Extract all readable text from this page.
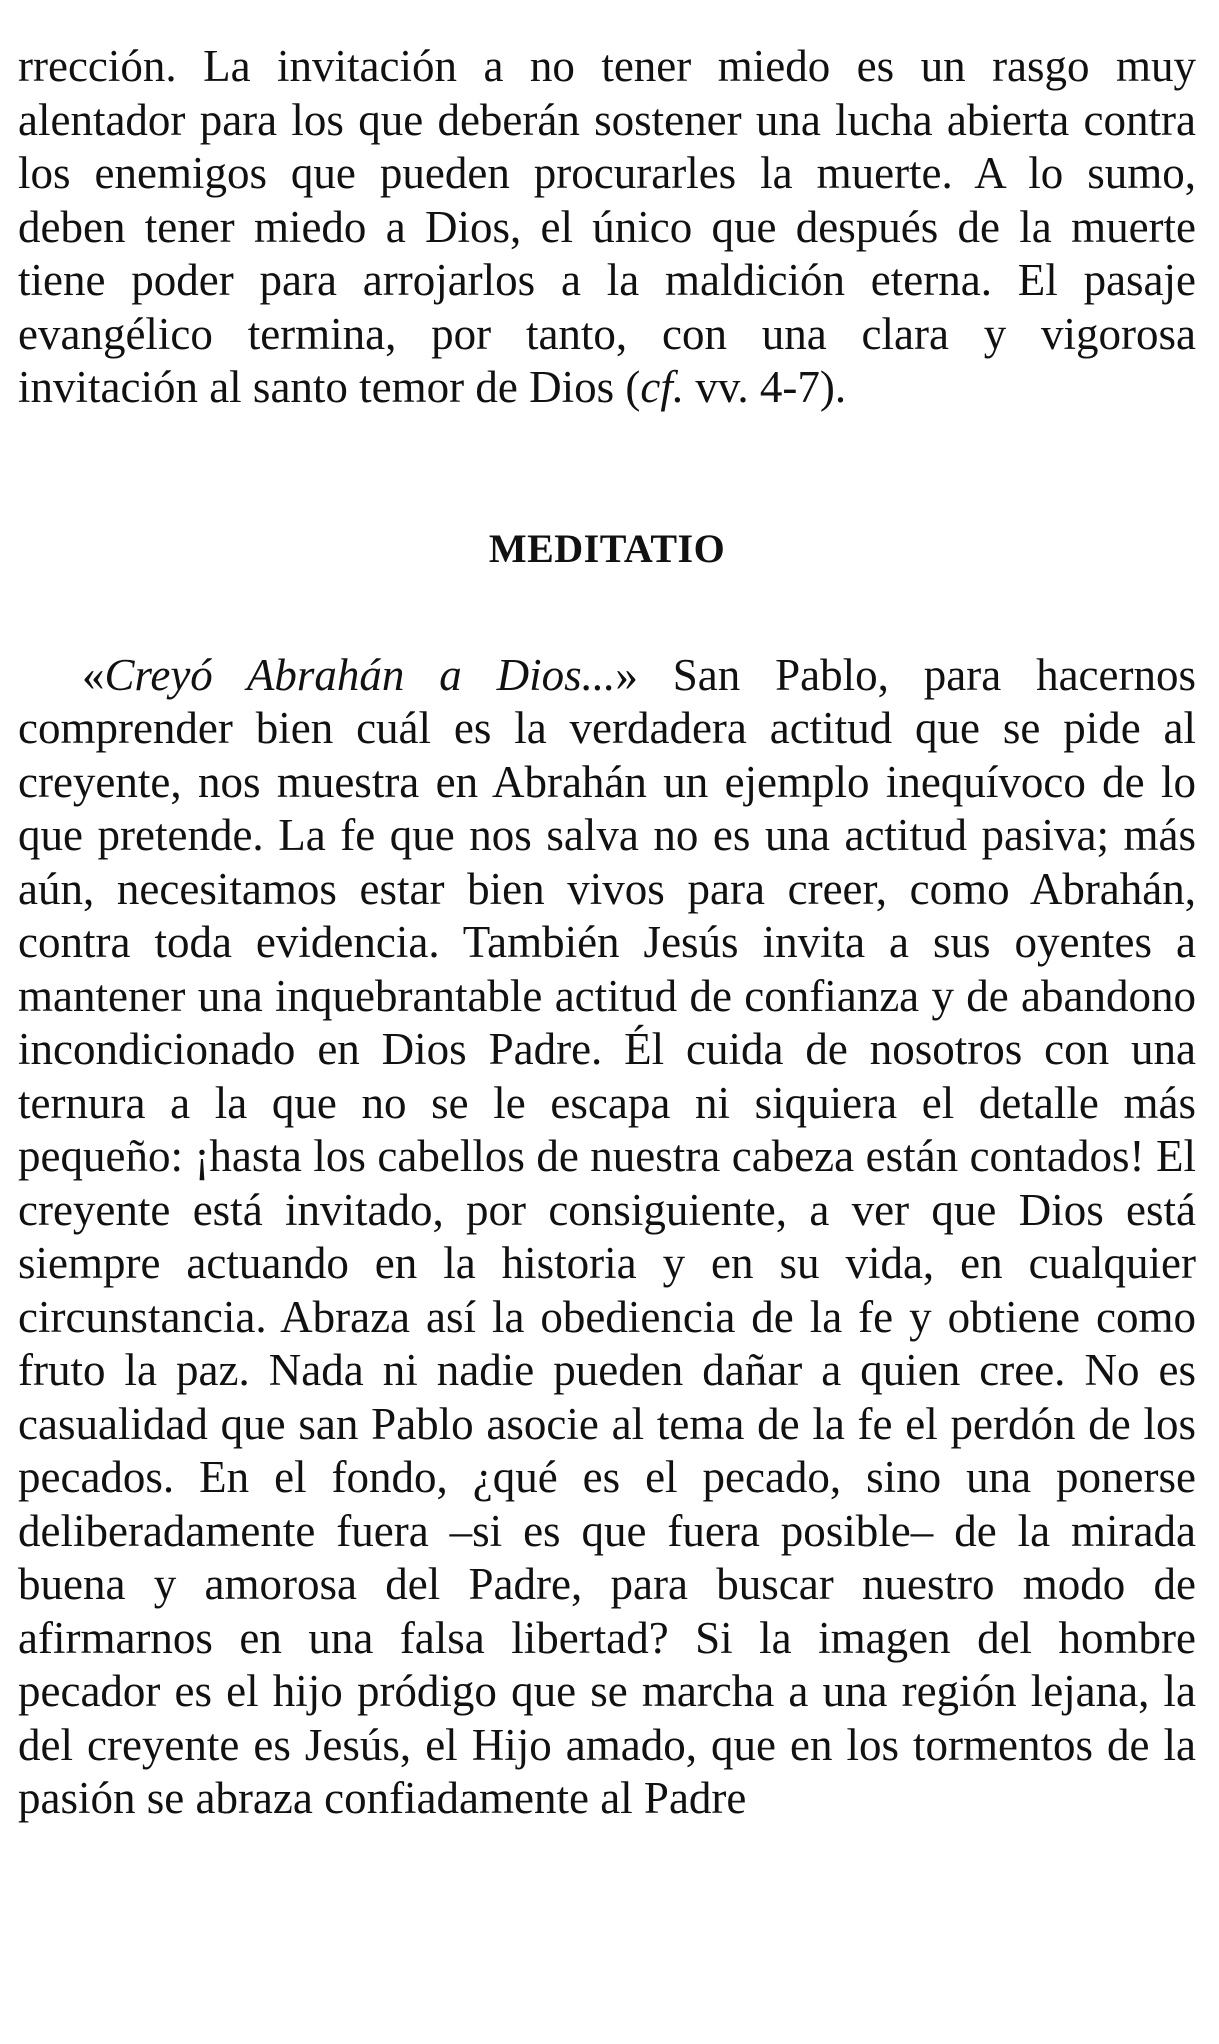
rrección. La invitación a no tener miedo es un rasgo muy alentador para los que deberán sostener una lucha abierta contra los enemigos que pueden procurarles la muerte. A lo sumo, deben tener miedo a Dios, el único que después de la muerte tiene poder para arrojarlos a la maldición eterna. El pasaje evangélico termina, por tanto, con una clara y vigorosa invitación al santo temor de Dios (cf. vv. 4-7).

MEDITATIO

«Creyó Abrahán a Dios...» San Pablo, para hacernos comprender bien cuál es la verdadera actitud que se pide al creyente, nos muestra en Abrahán un ejemplo inequívoco de lo que pretende. La fe que nos salva no es una actitud pasiva; más aún, necesitamos estar bien vivos para creer, como Abrahán, contra toda evidencia. También Jesús invita a sus oyentes a mantener una inquebrantable actitud de confianza y de abandono incondicionado en Dios Padre. Él cuida de nosotros con una ternura a la que no se le escapa ni siquiera el detalle más pequeño: ¡hasta los cabellos de nuestra cabeza están contados! El creyente está invitado, por consiguiente, a ver que Dios está siempre actuando en la historia y en su vida, en cualquier circunstancia. Abraza así la obediencia de la fe y obtiene como fruto la paz. Nada ni nadie pueden dañar a quien cree. No es casualidad que san Pablo asocie al tema de la fe el perdón de los pecados. En el fondo, ¿qué es el pecado, sino una ponerse deliberadamente fuera –si es que fuera posible– de la mirada buena y amorosa del Padre, para buscar nuestro modo de afirmarnos en una falsa libertad? Si la imagen del hombre pecador es el hijo pródigo que se marcha a una región lejana, la del creyente es Jesús, el Hijo amado, que en los tormentos de la pasión se abraza confiadamente al Padre
